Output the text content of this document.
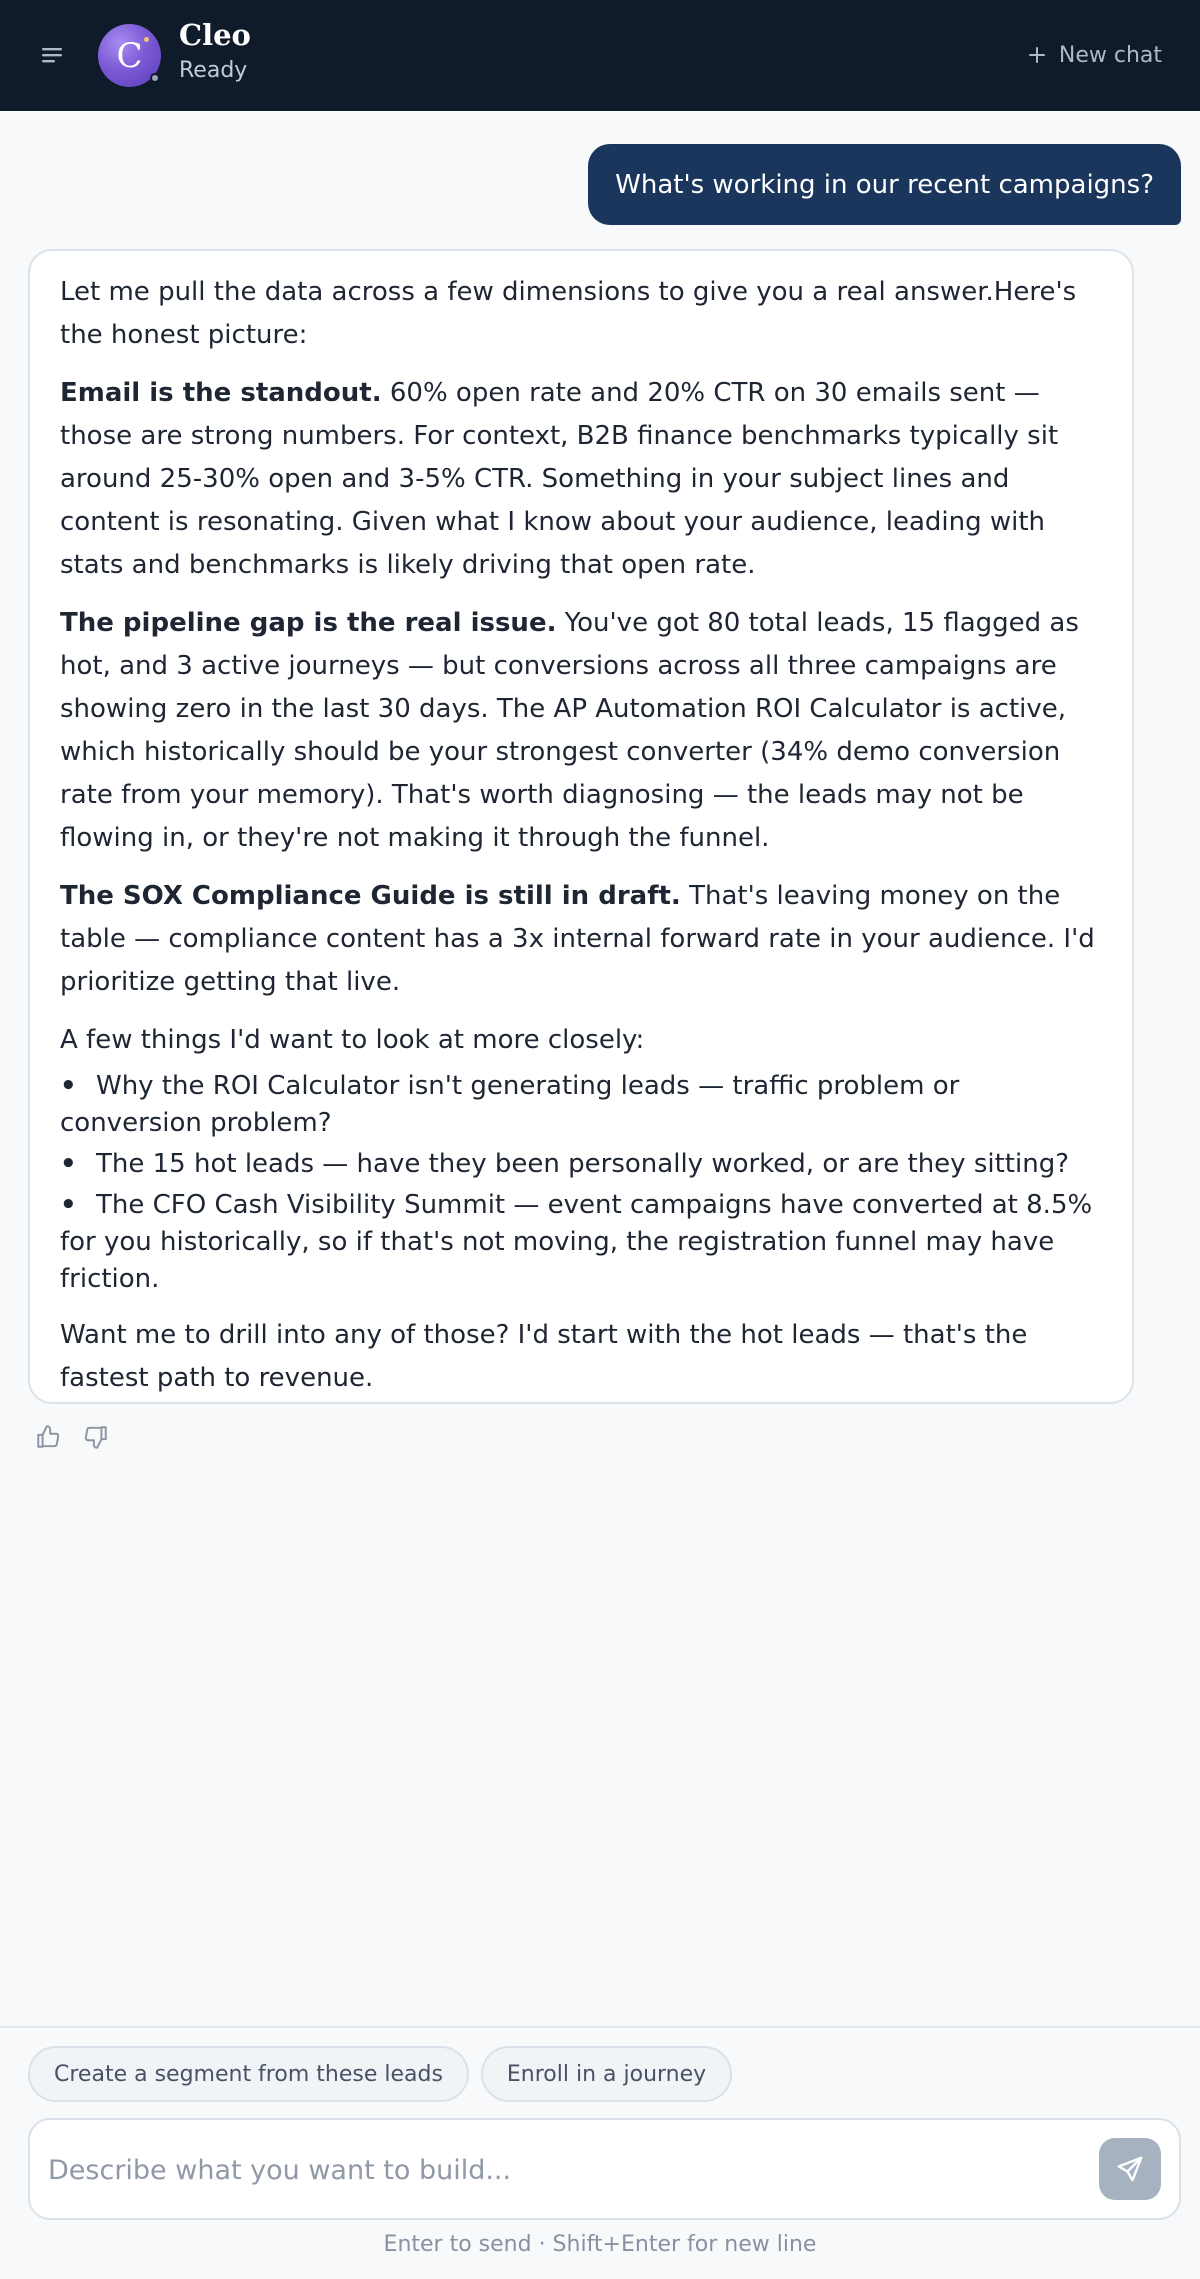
C
Cleo
Ready
New chat
What's working in our recent campaigns?

Let me pull the data across a few dimensions to give you a real answer.Here's the honest picture:

Email is the standout. 60% open rate and 20% CTR on 30 emails sent — those are strong numbers. For context, B2B finance benchmarks typically sit around 25-30% open and 3-5% CTR. Something in your subject lines and content is resonating. Given what I know about your audience, leading with stats and benchmarks is likely driving that open rate.

The pipeline gap is the real issue. You've got 80 total leads, 15 flagged as hot, and 3 active journeys — but conversions across all three campaigns are showing zero in the last 30 days. The AP Automation ROI Calculator is active, which historically should be your strongest converter (34% demo conversion rate from your memory). That's worth diagnosing — the leads may not be flowing in, or they're not making it through the funnel.

The SOX Compliance Guide is still in draft. That's leaving money on the table — compliance content has a 3x internal forward rate in your audience. I'd prioritize getting that live.

A few things I'd want to look at more closely:

• Why the ROI Calculator isn't generating leads — traffic problem or conversion problem?
• The 15 hot leads — have they been personally worked, or are they sitting?
• The CFO Cash Visibility Summit — event campaigns have converted at 8.5% for you historically, so if that's not moving, the registration funnel may have friction.

Want me to drill into any of those? I'd start with the hot leads — that's the fastest path to revenue.

Create a segment from these leads	Enroll in a journey
Describe what you want to build...
Enter to send · Shift+Enter for new line
